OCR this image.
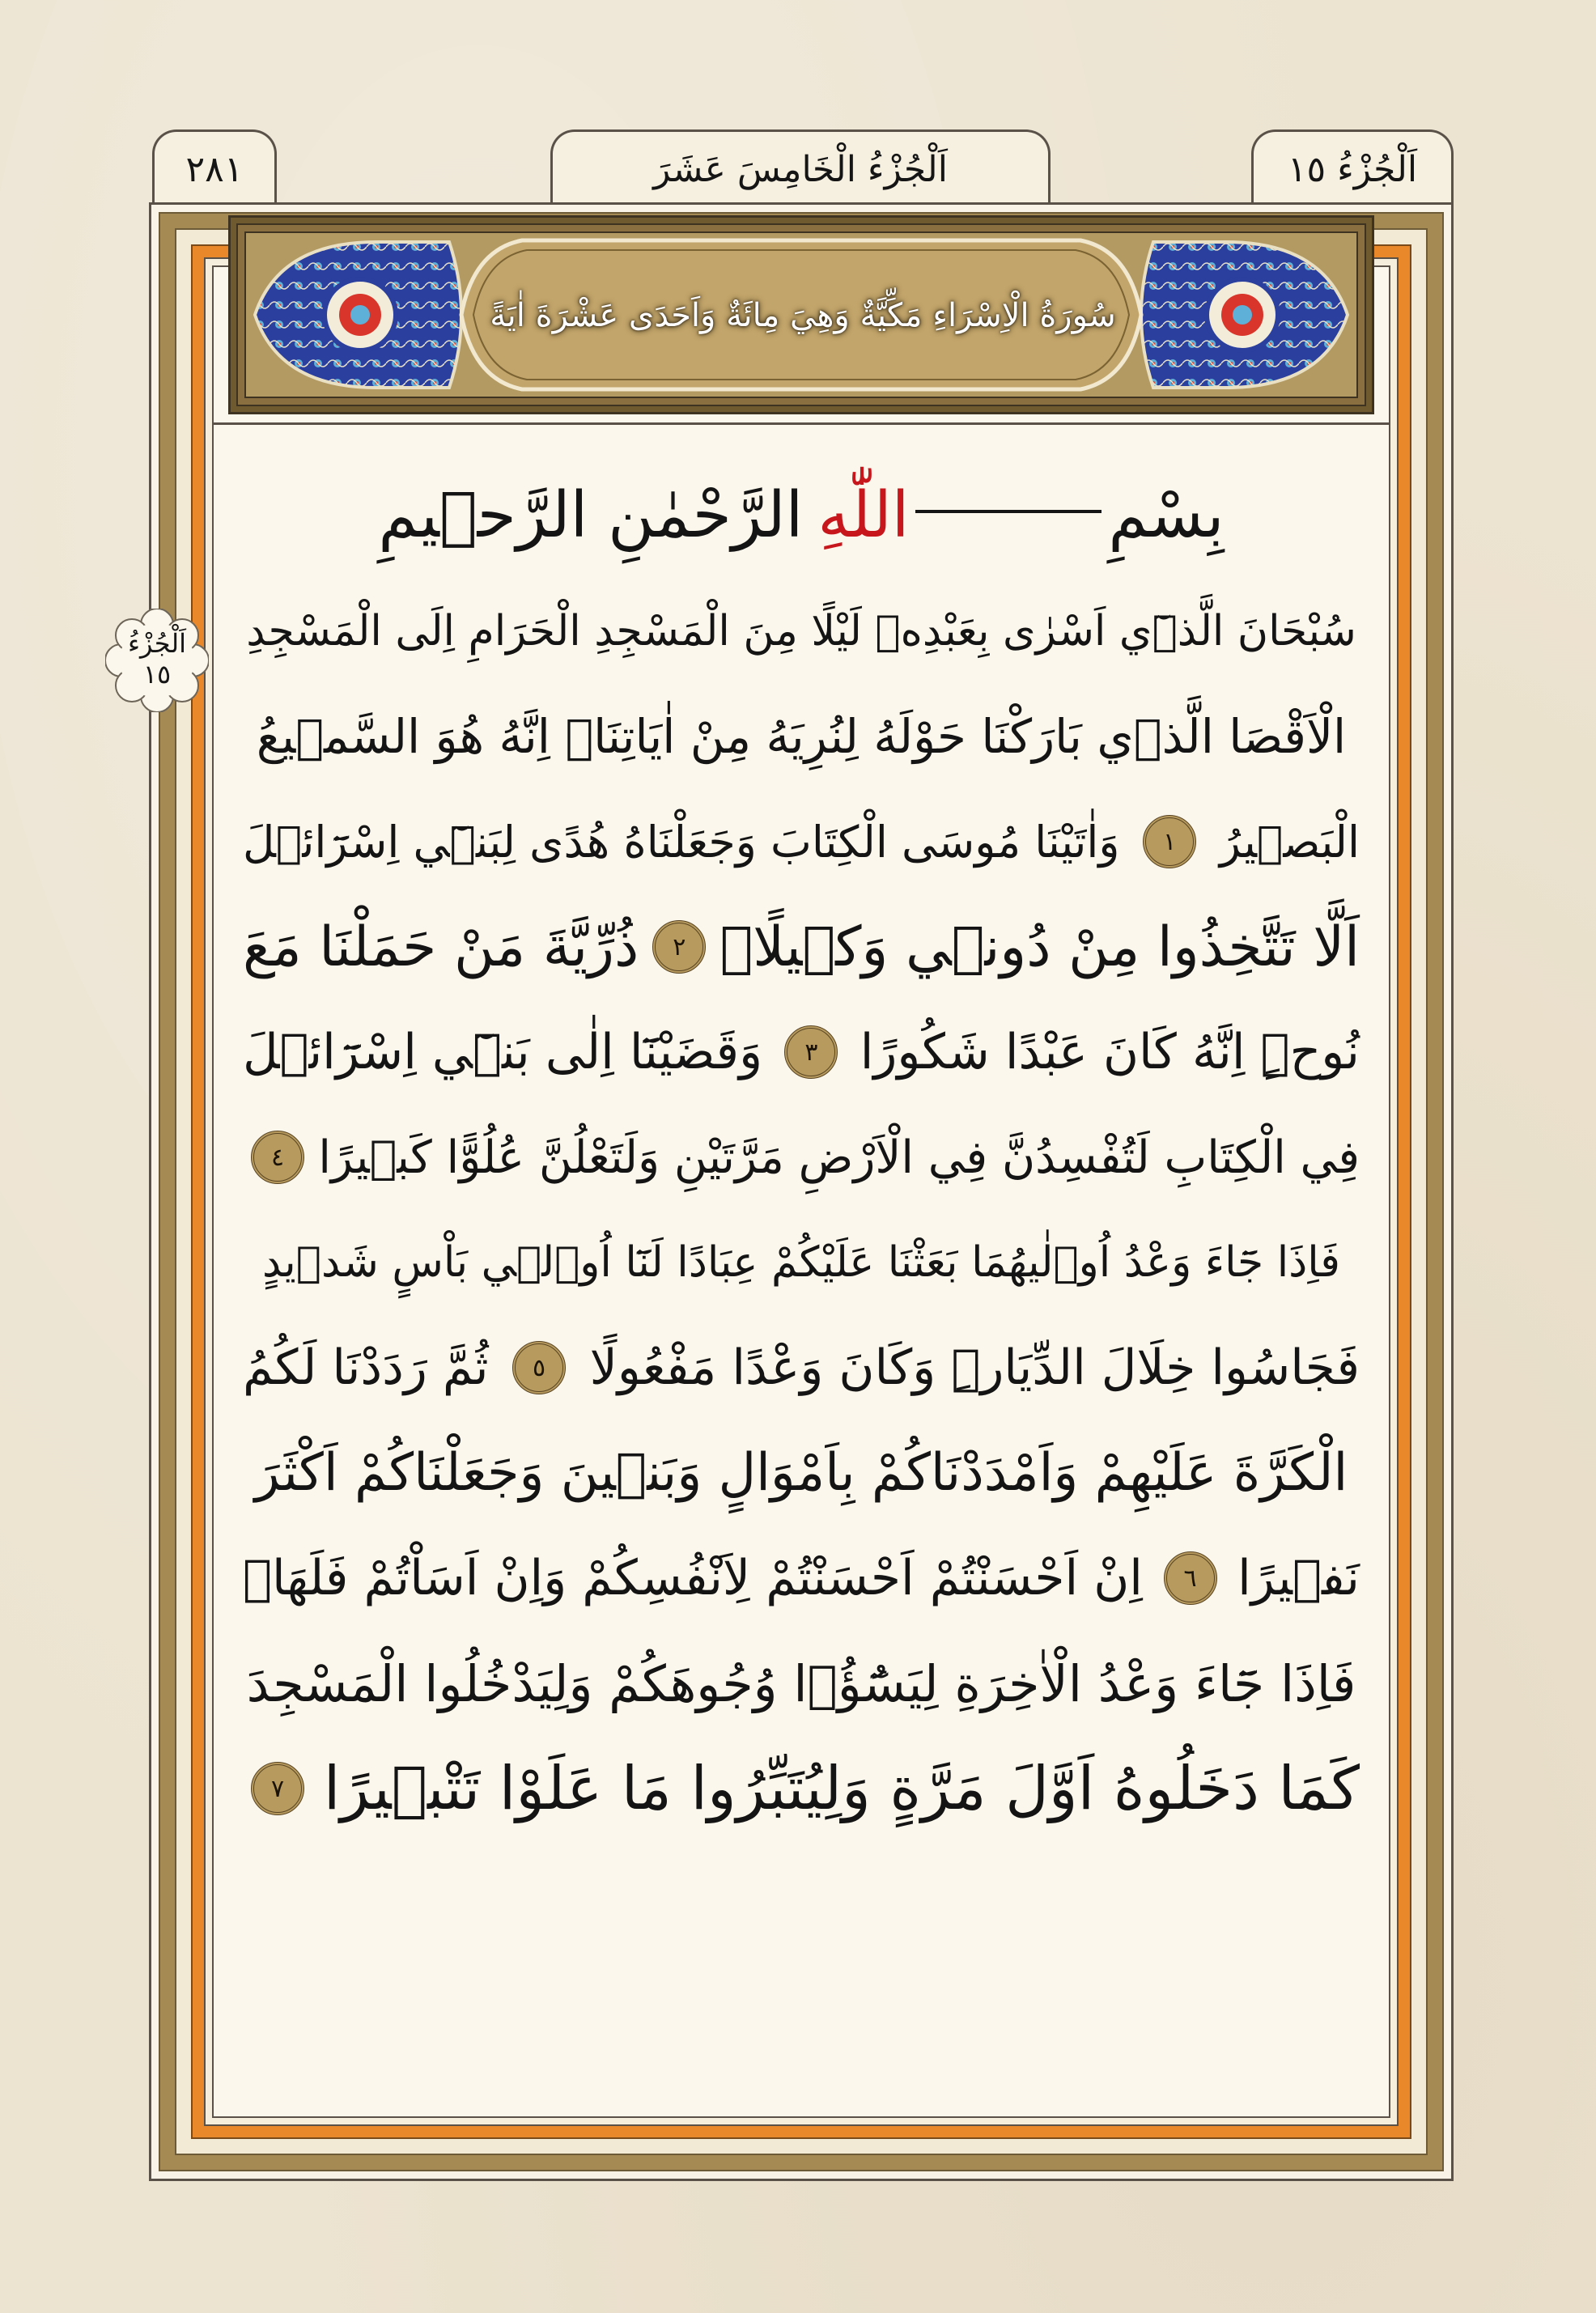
٢٨١	اَلْجُزْءُ الْخَامِسَ عَشَرَ	اَلْجُزْءُ ١٥
سُورَةُ الْاِسْرَاءِ مَكِّيَّةٌ وَهِيَ مِائَةٌ وَاَحَدَى عَشْرَةَ اٰيَةً
اَلْجُزْءُ
١٥
بِسْمِ
اللّٰهِ
الرَّحْمٰنِ الرَّح۪يمِ
سُبْحَانَ الَّذ۪ٓي اَسْرٰى بِعَبْدِه۪ لَيْلًا مِنَ الْمَسْجِدِ الْحَرَامِ اِلَى الْمَسْجِدِ
الْاَقْصَا الَّذ۪ي بَارَكْنَا حَوْلَهُ لِنُرِيَهُ مِنْ اٰيَاتِنَاۜ اِنَّهُ هُوَ السَّم۪يعُ
الْبَص۪يرُ
١
وَاٰتَيْنَا مُوسَى الْكِتَابَ وَجَعَلْنَاهُ هُدًى لِبَن۪ٓي اِسْرَٓائ۪لَ
اَلَّا تَتَّخِذُوا مِنْ دُون۪ي وَك۪يلًاۜ
٢
ذُرِّيَّةَ مَنْ حَمَلْنَا مَعَ
نُوحٍۜ اِنَّهُ كَانَ عَبْدًا شَكُورًا
٣
وَقَضَيْنَٓا اِلٰى بَن۪ٓي اِسْرَٓائ۪لَ
فِي الْكِتَابِ لَتُفْسِدُنَّ فِي الْاَرْضِ مَرَّتَيْنِ وَلَتَعْلُنَّ عُلُوًّا كَب۪يرًا
٤
فَاِذَا جَٓاءَ وَعْدُ اُو۫لٰيهُمَا بَعَثْنَا عَلَيْكُمْ عِبَادًا لَنَٓا اُو۬ل۪ي بَاْسٍ شَد۪يدٍ
فَجَاسُوا خِلَالَ الدِّيَارِۜ وَكَانَ وَعْدًا مَفْعُولًا
٥
ثُمَّ رَدَدْنَا لَكُمُ
الْكَرَّةَ عَلَيْهِمْ وَاَمْدَدْنَاكُمْ بِاَمْوَالٍ وَبَن۪ينَ وَجَعَلْنَاكُمْ اَكْثَرَ
نَف۪يرًا
٦
اِنْ اَحْسَنْتُمْ اَحْسَنْتُمْ لِاَنْفُسِكُمْ وَاِنْ اَسَاْتُمْ فَلَهَاۜ
فَاِذَا جَٓاءَ وَعْدُ الْاٰخِرَةِ لِيَسُٓؤُ۫ا وُجُوهَكُمْ وَلِيَدْخُلُوا الْمَسْجِدَ
كَمَا دَخَلُوهُ اَوَّلَ مَرَّةٍ وَلِيُتَبِّرُوا مَا عَلَوْا تَتْب۪يرًا
٧
